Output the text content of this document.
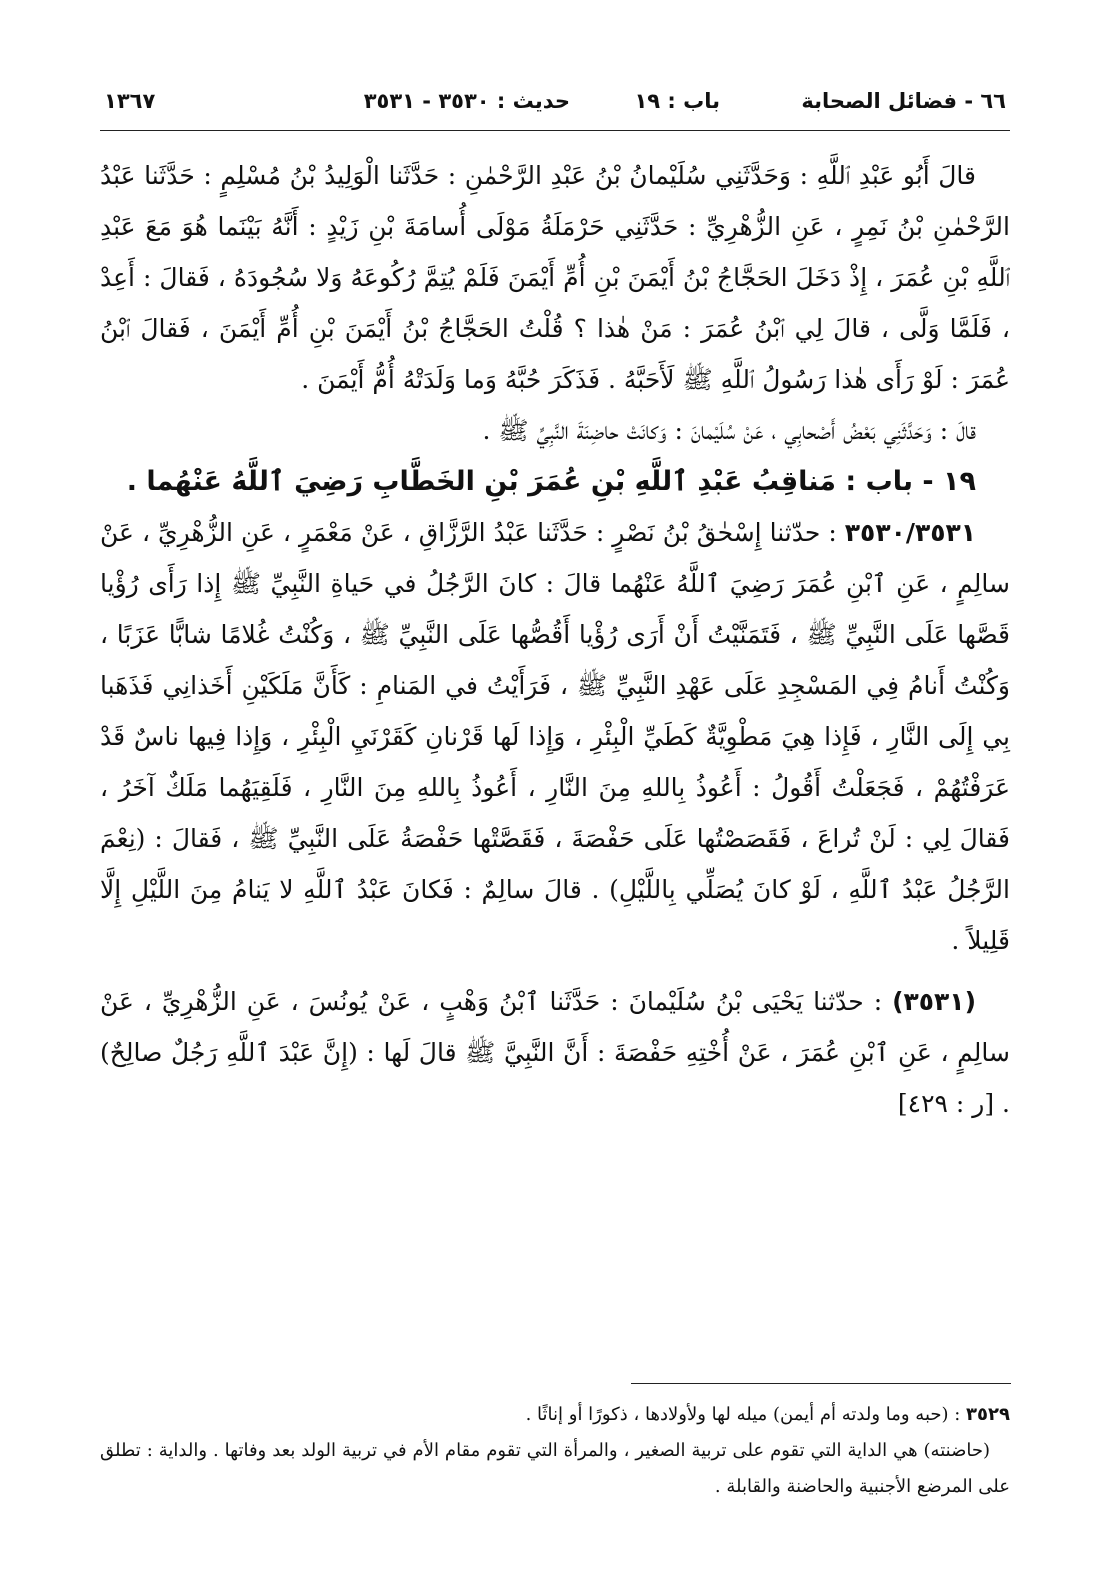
٦٦ - فضائل الصحابة
باب : ١٩
حديث : ٣٥٣٠ - ٣٥٣١
١٣٦٧

قالَ أَبُو عَبْدِ ٱللَّهِ : وَحَدَّثَنِي سُلَيْمانُ بْنُ عَبْدِ الرَّحْمٰنِ : حَدَّثَنا الْوَلِيدُ بْنُ مُسْلِمٍ : حَدَّثَنا عَبْدُ الرَّحْمٰنِ بْنُ نَمِرٍ ، عَنِ الزُّهْرِيِّ : حَدَّثَنِي حَرْمَلَةُ مَوْلَى أُسامَةَ بْنِ زَيْدٍ : أَنَّهُ بَيْنَما هُوَ مَعَ عَبْدِ ٱللَّهِ بْنِ عُمَرَ ، إِذْ دَخَلَ الحَجَّاجُ بْنُ أَيْمَنَ بْنِ أُمِّ أَيْمَنَ فَلَمْ يُتِمَّ رُكُوعَهُ وَلا سُجُودَهُ ، فَقالَ : أَعِدْ ، فَلَمَّا وَلَّى ، قالَ لِي ٱبْنُ عُمَرَ : مَنْ هٰذا ؟ قُلْتُ الحَجَّاجُ بْنُ أَيْمَنَ بْنِ أُمِّ أَيْمَنَ ، فَقالَ ٱبْنُ عُمَرَ : لَوْ رَأَى هٰذا رَسُولُ ٱللَّهِ ﷺ لَأَحَبَّهُ . فَذَكَرَ حُبَّهُ وَما وَلَدَتْهُ أُمُّ أَيْمَنَ .

قالَ : وَحَدَّثَنِي بَعْضُ أَصْحابِي ، عَنْ سُلَيْمانَ : وَكانَتْ حاضِنَةَ النَّبِيِّ ﷺ .

١٩ - باب : مَناقِبُ عَبْدِ ٱللَّهِ بْنِ عُمَرَ بْنِ الخَطَّابِ رَضِيَ ٱللَّهُ عَنْهُما .

٣٥٣٠/٣٥٣١ : حدّثنا إِسْحٰقُ بْنُ نَصْرٍ : حَدَّثَنا عَبْدُ الرَّزَّاقِ ، عَنْ مَعْمَرٍ ، عَنِ الزُّهْرِيِّ ، عَنْ سالِمٍ ، عَنِ ٱبْنِ عُمَرَ رَضِيَ ٱللَّهُ عَنْهُما قالَ : كانَ الرَّجُلُ في حَياةِ النَّبِيِّ ﷺ إِذا رَأَى رُؤْيا قَصَّها عَلَى النَّبِيِّ ﷺ ، فَتَمَنَّيْتُ أَنْ أَرَى رُؤْيا أَقُصُّها عَلَى النَّبِيِّ ﷺ ، وَكُنْتُ غُلامًا شابًّا عَزَبًا ، وَكُنْتُ أَنامُ فِي المَسْجِدِ عَلَى عَهْدِ النَّبِيِّ ﷺ ، فَرَأَيْتُ في المَنامِ : كَأَنَّ مَلَكَيْنِ أَخَذانِي فَذَهَبا بِي إِلَى النَّارِ ، فَإِذا هِيَ مَطْوِيَّةٌ كَطَيِّ الْبِئْرِ ، وَإِذا لَها قَرْنانِ كَقَرْنَيِ الْبِئْرِ ، وَإِذا فِيها ناسٌ قَدْ عَرَفْتُهُمْ ، فَجَعَلْتُ أَقُولُ : أَعُوذُ بِاللهِ مِنَ النَّارِ ، أَعُوذُ بِاللهِ مِنَ النَّارِ ، فَلَقِيَهُما مَلَكٌ آخَرُ ، فَقالَ لِي : لَنْ تُراعَ ، فَقَصَصْتُها عَلَى حَفْصَةَ ، فَقَصَّتْها حَفْصَةُ عَلَى النَّبِيِّ ﷺ ، فَقالَ : (نِعْمَ الرَّجُلُ عَبْدُ ٱللَّهِ ، لَوْ كانَ يُصَلِّي بِاللَّيْلِ) . قالَ سالِمٌ : فَكانَ عَبْدُ ٱللَّهِ لا يَنامُ مِنَ اللَّيْلِ إِلَّا قَلِيلاً .

(٣٥٣١) : حدّثنا يَحْيَى بْنُ سُلَيْمانَ : حَدَّثَنا ٱبْنُ وَهْبٍ ، عَنْ يُونُسَ ، عَنِ الزُّهْرِيِّ ، عَنْ سالِمٍ ، عَنِ ٱبْنِ عُمَرَ ، عَنْ أُخْتِهِ حَفْصَةَ : أَنَّ النَّبِيَّ ﷺ قالَ لَها : (إِنَّ عَبْدَ ٱللَّهِ رَجُلٌ صالِحٌ) . [ر : ٤٢٩]

٣٥٢٩ : (حبه وما ولدته أم أيمن) ميله لها ولأولادها ، ذكورًا أو إناثًا .

(حاضنته) هي الداية التي تقوم على تربية الصغير ، والمرأة التي تقوم مقام الأم في تربية الولد بعد وفاتها . والداية : تطلق على المرضع الأجنبية والحاضنة والقابلة .
